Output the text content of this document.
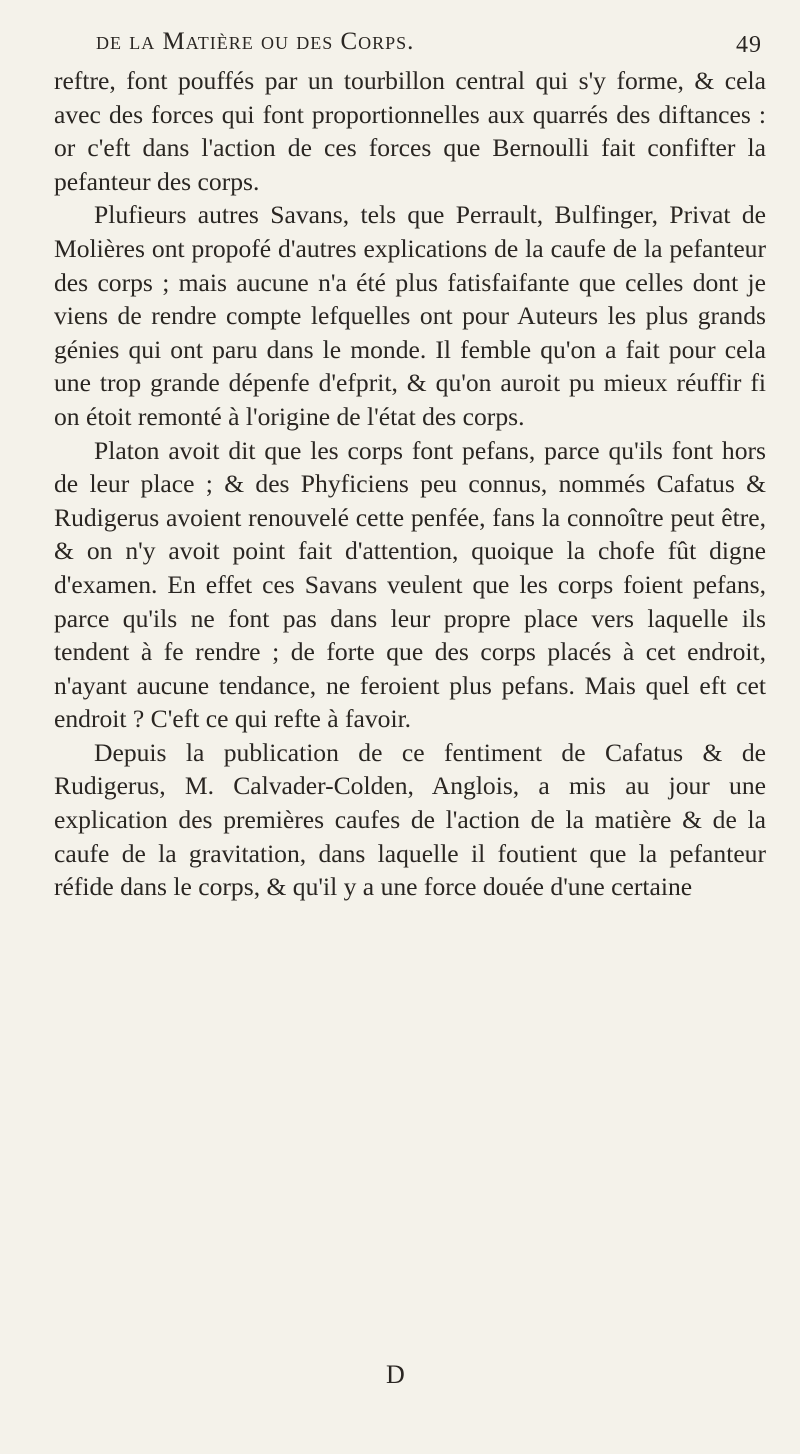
de la Matière ou des Corps.	49

reftre, font pouffés par un tourbillon central qui s'y forme, & cela avec des forces qui font proportionnelles aux quarrés des diftances : or c'eft dans l'action de ces forces que Bernoulli fait confifter la pefanteur des corps.

Plufieurs autres Savans, tels que Perrault, Bulfinger, Privat de Molières ont propofé d'autres explications de la caufe de la pefanteur des corps ; mais aucune n'a été plus fatisfaifante que celles dont je viens de rendre compte lefquelles ont pour Auteurs les plus grands génies qui ont paru dans le monde. Il femble qu'on a fait pour cela une trop grande dépenfe d'efprit, & qu'on auroit pu mieux réuffir fi on étoit remonté à l'origine de l'état des corps.

Platon avoit dit que les corps font pefans, parce qu'ils font hors de leur place ; & des Phyficiens peu connus, nommés Cafatus & Rudigerus avoient renouvelé cette penfée, fans la connoître peut être, & on n'y avoit point fait d'attention, quoique la chofe fût digne d'examen. En effet ces Savans veulent que les corps foient pefans, parce qu'ils ne font pas dans leur propre place vers laquelle ils tendent à fe rendre ; de forte que des corps placés à cet endroit, n'ayant aucune tendance, ne feroient plus pefans. Mais quel eft cet endroit ? C'eft ce qui refte à favoir.

Depuis la publication de ce fentiment de Cafatus & de Rudigerus, M. Calvader-Colden, Anglois, a mis au jour une explication des premières caufes de l'action de la matière & de la caufe de la gravitation, dans laquelle il foutient que la pefanteur réfide dans le corps, & qu'il y a une force douée d'une certaine

D
